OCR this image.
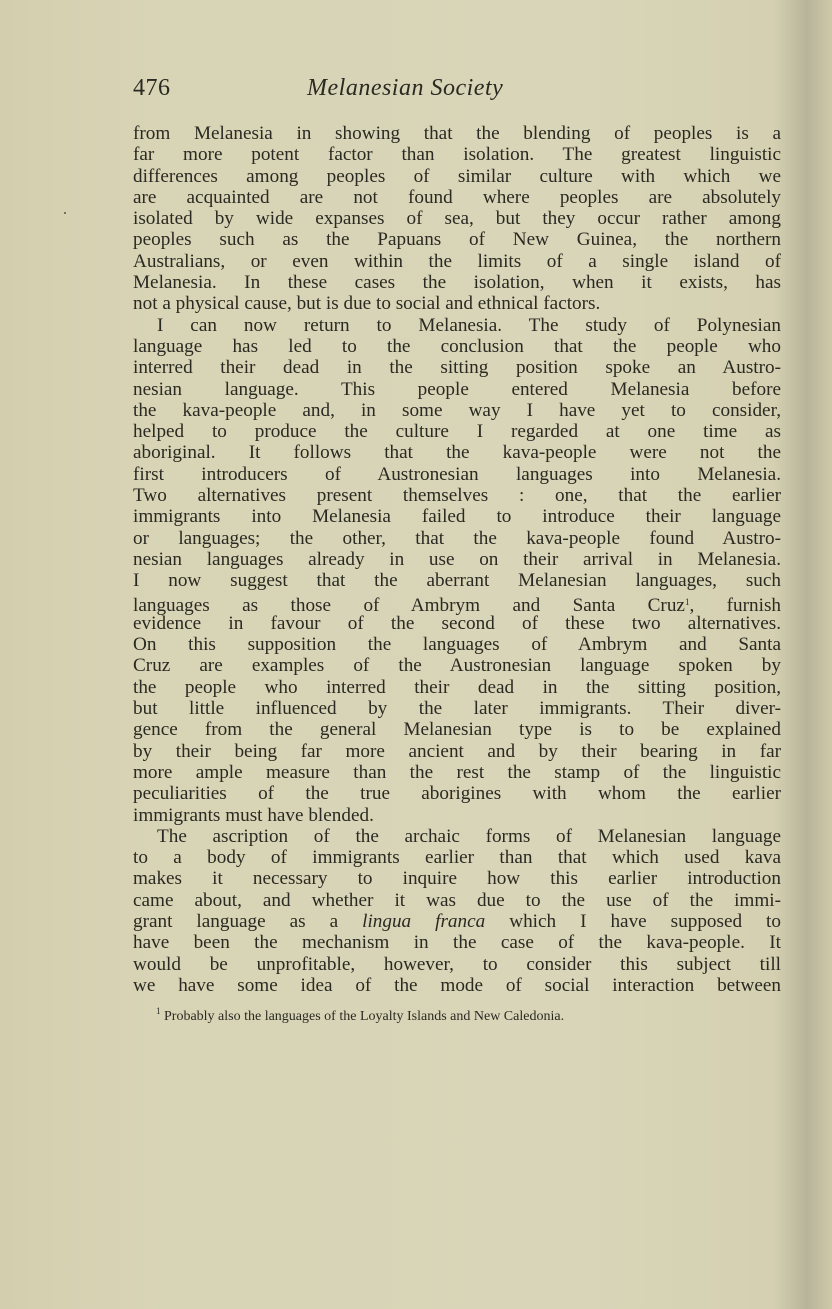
476	Melanesian Society
from Melanesia in showing that the blending of peoples is a
far more potent factor than isolation. The greatest linguistic
differences among peoples of similar culture with which we
are acquainted are not found where peoples are absolutely
isolated by wide expanses of sea, but they occur rather among
peoples such as the Papuans of New Guinea, the northern
Australians, or even within the limits of a single island of
Melanesia. In these cases the isolation, when it exists, has
not a physical cause, but is due to social and ethnical factors.
I can now return to Melanesia. The study of Polynesian
language has led to the conclusion that the people who
interred their dead in the sitting position spoke an Austro-
nesian language. This people entered Melanesia before
the kava-people and, in some way I have yet to consider,
helped to produce the culture I regarded at one time as
aboriginal. It follows that the kava-people were not the
first introducers of Austronesian languages into Melanesia.
Two alternatives present themselves : one, that the earlier
immigrants into Melanesia failed to introduce their language
or languages; the other, that the kava-people found Austro-
nesian languages already in use on their arrival in Melanesia.
I now suggest that the aberrant Melanesian languages, such
languages as those of Ambrym and Santa Cruz$^1$, furnish
evidence in favour of the second of these two alternatives.
On this supposition the languages of Ambrym and Santa
Cruz are examples of the Austronesian language spoken by
the people who interred their dead in the sitting position,
but little influenced by the later immigrants. Their diver-
gence from the general Melanesian type is to be explained
by their being far more ancient and by their bearing in far
more ample measure than the rest the stamp of the linguistic
peculiarities of the true aborigines with whom the earlier
immigrants must have blended.
The ascription of the archaic forms of Melanesian language
to a body of immigrants earlier than that which used kava
makes it necessary to inquire how this earlier introduction
came about, and whether it was due to the use of the immi-
grant language as a lingua franca which I have supposed to
have been the mechanism in the case of the kava-people. It
would be unprofitable, however, to consider this subject till
we have some idea of the mode of social interaction between
$^1$ Probably also the languages of the Loyalty Islands and New Caledonia.
